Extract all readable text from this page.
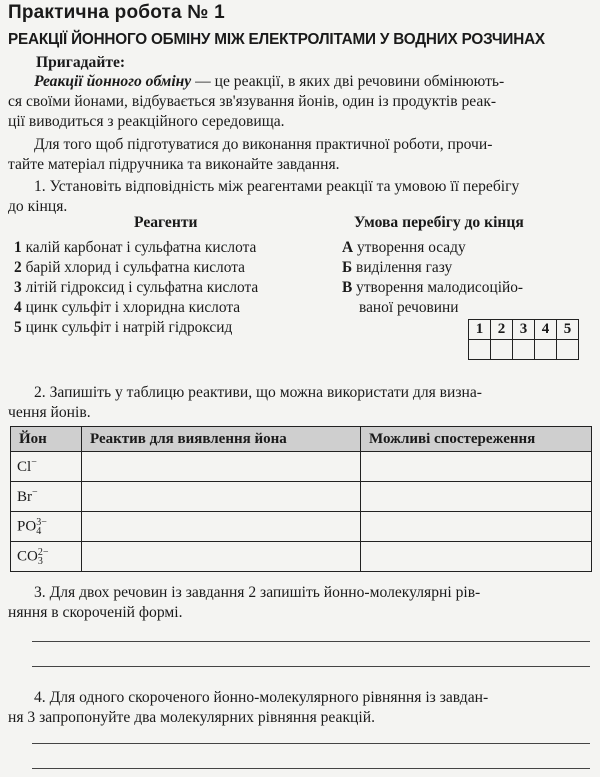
Практична робота № 1
РЕАКЦІЇ ЙОННОГО ОБМІНУ МІЖ ЕЛЕКТРОЛІТАМИ У ВОДНИХ РОЗЧИНАХ
Пригадайте:
Реакції йонного обміну — це реакції, в яких дві речовини обмінюють-
ся своїми йонами, відбувається зв'язування йонів, один із продуктів реак-
ції виводиться з реакційного середовища.
Для того щоб підготуватися до виконання практичної роботи, прочи-
тайте матеріал підручника та виконайте завдання.
1. Установіть відповідність між реагентами реакції та умовою її перебігу
до кінця.
Реагенти	Умова перебігу до кінця
1 калій карбонат і сульфатна кислота
2 барій хлорид і сульфатна кислота
3 літій гідроксид і сульфатна кислота
4 цинк сульфіт і хлоридна кислота
5 цинк сульфіт і натрій гідроксид
А утворення осаду
Б виділення газу
В утворення малодисоційо-
ваної речовини
1	2	3	4	5

2. Запишіть у таблицю реактиви, що можна використати для визна-
чення йонів.
Йон	Реактив для виявлення йона	Можливі спостереження
Cl−		
Br−		
PO 3−
4		

CO 2−
3		

3. Для двох речовин із завдання 2 запишіть йонно-молекулярні рів-
няння в скороченій формі.
4. Для одного скороченого йонно-молекулярного рівняння із завдан-
ня 3 запропонуйте два молекулярних рівняння реакцій.
